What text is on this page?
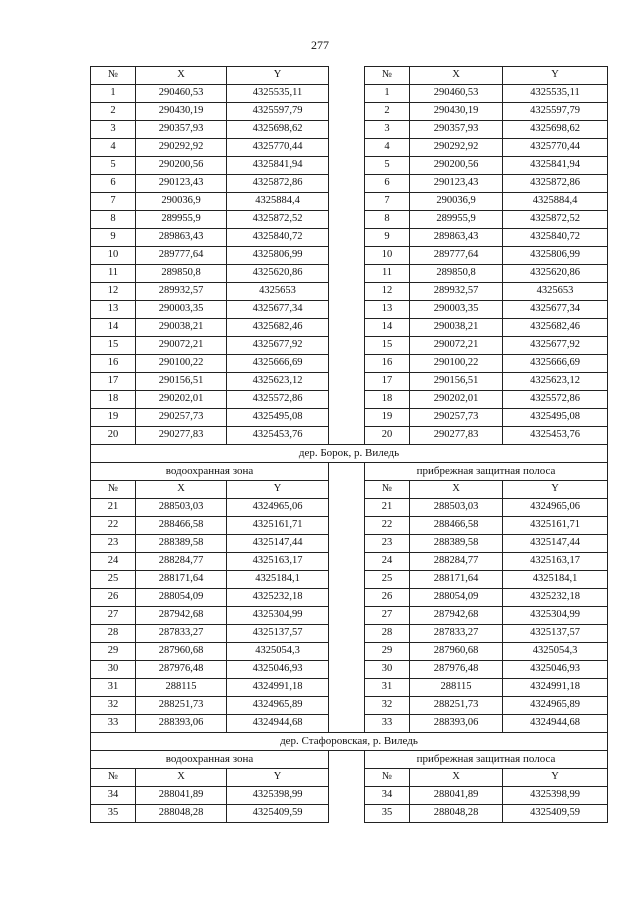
277
№	X	Y		№	X	Y
1	290460,53	4325535,11		1	290460,53	4325535,11
2	290430,19	4325597,79		2	290430,19	4325597,79
3	290357,93	4325698,62		3	290357,93	4325698,62
4	290292,92	4325770,44		4	290292,92	4325770,44
5	290200,56	4325841,94		5	290200,56	4325841,94
6	290123,43	4325872,86		6	290123,43	4325872,86
7	290036,9	4325884,4		7	290036,9	4325884,4
8	289955,9	4325872,52		8	289955,9	4325872,52
9	289863,43	4325840,72		9	289863,43	4325840,72
10	289777,64	4325806,99		10	289777,64	4325806,99
11	289850,8	4325620,86		11	289850,8	4325620,86
12	289932,57	4325653		12	289932,57	4325653
13	290003,35	4325677,34		13	290003,35	4325677,34
14	290038,21	4325682,46		14	290038,21	4325682,46
15	290072,21	4325677,92		15	290072,21	4325677,92
16	290100,22	4325666,69		16	290100,22	4325666,69
17	290156,51	4325623,12		17	290156,51	4325623,12
18	290202,01	4325572,86		18	290202,01	4325572,86
19	290257,73	4325495,08		19	290257,73	4325495,08
20	290277,83	4325453,76		20	290277,83	4325453,76
дер. Борок, р. Виледь						
водоохранная зона				прибрежная защитная полоса		
№	X	Y		№	X	Y
21	288503,03	4324965,06		21	288503,03	4324965,06
22	288466,58	4325161,71		22	288466,58	4325161,71
23	288389,58	4325147,44		23	288389,58	4325147,44
24	288284,77	4325163,17		24	288284,77	4325163,17
25	288171,64	4325184,1		25	288171,64	4325184,1
26	288054,09	4325232,18		26	288054,09	4325232,18
27	287942,68	4325304,99		27	287942,68	4325304,99
28	287833,27	4325137,57		28	287833,27	4325137,57
29	287960,68	4325054,3		29	287960,68	4325054,3
30	287976,48	4325046,93		30	287976,48	4325046,93
31	288115	4324991,18		31	288115	4324991,18
32	288251,73	4324965,89		32	288251,73	4324965,89
33	288393,06	4324944,68		33	288393,06	4324944,68
дер. Стафоровская, р. Виледь						
водоохранная зона				прибрежная защитная полоса		
№	X	Y		№	X	Y
34	288041,89	4325398,99		34	288041,89	4325398,99
35	288048,28	4325409,59		35	288048,28	4325409,59
